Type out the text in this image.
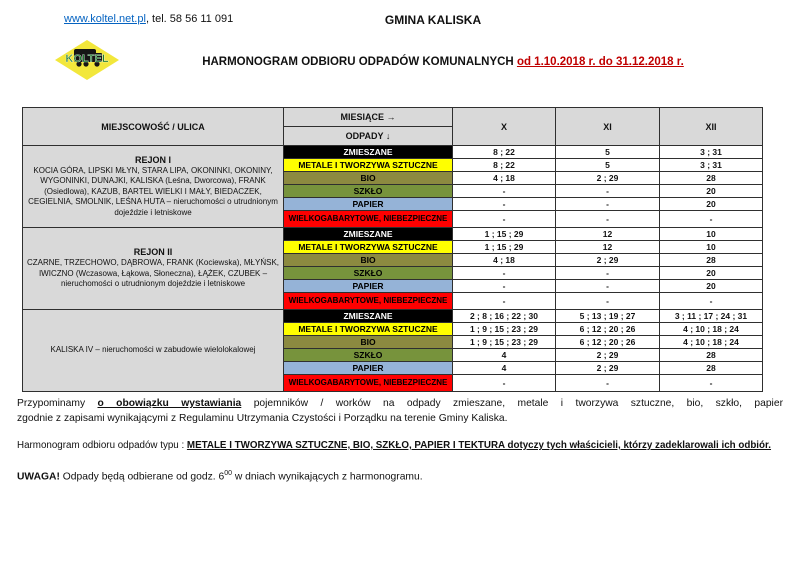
www.koltel.net.pl, tel. 58 56 11 091	GMINA KALISKA
KOLTEL	HARMONOGRAM ODBIORU ODPADÓW KOMUNALNYCH od 1.10.2018 r. do 31.12.2018 r.
MIEJSCOWOŚĆ / ULICA	MIESIĄCE →	X	XI	XII
	ODPADY ↓			

REJON I
KOCIA GÓRA, LIPSKI MŁYN, STARA LIPA, OKONINKI, OKONINY, WYGONINKI, DUNAJKI, KALISKA (Leśna, Dworcowa), FRANK (Osiedlowa), KAZUB, BARTEL WIELKI I MAŁY, BIEDACZEK, CEGIELNIA, SMOLNIK, LEŚNA HUTA – nieruchomości o utrudnionym dojeździe i letniskowe	ZMIESZANE	8 ; 22	5	3 ; 31
	METALE I TWORZYWA SZTUCZNE	8 ; 22	5	3 ; 31
	BIO	4 ; 18	2 ; 29	28
	SZKŁO	-	-	20
	PAPIER	-	-	20
	WIELKOGABARYTOWE, NIEBEZPIECZNE	-	-	-

REJON II
CZARNE, TRZECHOWO, DĄBROWA, FRANK (Kociewska), MŁYŃSK, IWICZNO (Wczasowa, Łąkowa, Słoneczna), ŁĄŻEK, CZUBEK – nieruchomości o utrudnionym dojeździe i letniskowe	ZMIESZANE	1 ; 15 ; 29	12	10
	METALE I TWORZYWA SZTUCZNE	1 ; 15 ; 29	12	10
	BIO	4 ; 18	2 ; 29	28
	SZKŁO	-	-	20
	PAPIER	-	-	20
	WIELKOGABARYTOWE, NIEBEZPIECZNE	-	-	-

KALISKA IV – nieruchomości w zabudowie wielolokalowej	ZMIESZANE	2 ; 8 ; 16 ; 22 ; 30	5 ; 13 ; 19 ; 27	3 ; 11 ; 17 ; 24 ; 31
	METALE I TWORZYWA SZTUCZNE	1 ; 9 ; 15 ; 23 ; 29	6 ; 12 ; 20 ; 26	4 ; 10 ; 18 ; 24
	BIO	1 ; 9 ; 15 ; 23 ; 29	6 ; 12 ; 20 ; 26	4 ; 10 ; 18 ; 24
	SZKŁO	4	2 ; 29	28
	PAPIER	4	2 ; 29	28
	WIELKOGABARYTOWE, NIEBEZPIECZNE	-	-	-
Przypominamy o obowiązku wystawiania pojemników / worków na odpady zmieszane, metale i tworzywa sztuczne, bio, szkło, papier
zgodnie z zapisami wynikającymi z Regulaminu Utrzymania Czystości i Porządku na terenie Gminy Kaliska.
Harmonogram odbioru odpadów typu : METALE I TWORZYWA SZTUCZNE, BIO, SZKŁO, PAPIER I TEKTURA dotyczy tych właścicieli, którzy zadeklarowali ich odbiór.
UWAGA! Odpady będą odbierane od godz. $6^{00}$ w dniach wynikających z harmonogramu.
